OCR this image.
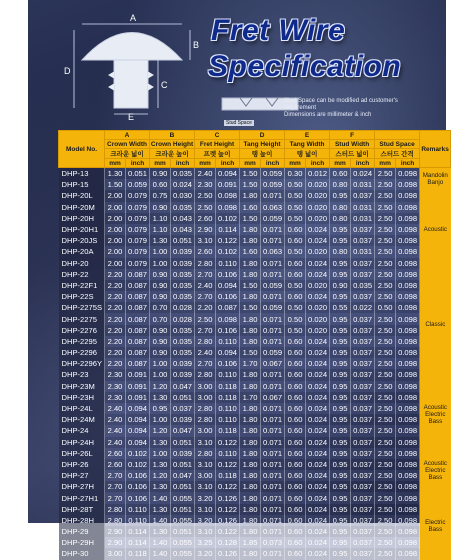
A
B
C
D
E
Fret Wire
Specification
Stud Space
Stud Space can be modified ad customer's
requirement
Dimensions are millimeter & inch
Model No.	A		B		C		D		E		F				Remarks
	Crown Width		Crown Height		Fret Height		Tang Height		Tang Width		Stud Width		Stud Space		
	크라운 넓이		크라운 높이		프렛 높이		탱 높이		탱 넓이		스터드 넓이		스터드 간격		
	mm	inch	mm	inch	mm	inch	mm	inch	mm	inch	mm	inch	mm	inch	
DHP-13	1.30	0.051	0.90	0.035	2.40	0.094	1.50	0.059	0.30	0.012	0.60	0.024	2.50	0.098	Mandolin Banjo
DHP-15	1.50	0.059	0.60	0.024	2.30	0.091	1.50	0.059	0.50	0.020	0.80	0.031	2.50	0.098	
DHP-20L	2.00	0.079	0.75	0.030	2.50	0.098	1.80	0.071	0.50	0.020	0.95	0.037	2.50	0.098	Acoustic
DHP-20M	2.00	0.079	0.90	0.035	2.50	0.098	1.60	0.063	0.50	0.020	0.80	0.031	2.50	0.098	
DHP-20H	2.00	0.079	1.10	0.043	2.60	0.102	1.50	0.059	0.50	0.020	0.80	0.031	2.50	0.098	
DHP-20H1	2.00	0.079	1.10	0.043	2.90	0.114	1.80	0.071	0.60	0.024	0.95	0.037	2.50	0.098	
DHP-20JS	2.00	0.079	1.30	0.051	3.10	0.122	1.80	0.071	0.60	0.024	0.95	0.037	2.50	0.098	
DHP-20A	2.00	0.079	1.00	0.039	2.60	0.102	1.60	0.063	0.50	0.020	0.80	0.031	2.50	0.098	
DHP-20	2.00	0.079	1.00	0.039	2.80	0.110	1.80	0.071	0.60	0.024	0.95	0.037	2.50	0.098	
DHP-22	2.20	0.087	0.90	0.035	2.70	0.106	1.80	0.071	0.60	0.024	0.95	0.037	2.50	0.098	Classic
DHP-22F1	2.20	0.087	0.90	0.035	2.40	0.094	1.50	0.059	0.50	0.020	0.90	0.035	2.50	0.098	
DHP-22S	2.20	0.087	0.90	0.035	2.70	0.106	1.80	0.071	0.60	0.024	0.95	0.037	2.50	0.098	
DHP-2275S	2.20	0.087	0.70	0.028	2.20	0.087	1.50	0.059	0.50	0.020	0.55	0.022	0.50	0.098	
DHP-2275	2.20	0.087	0.70	0.028	2.50	0.098	1.80	0.071	0.50	0.020	0.95	0.037	2.50	0.098	
DHP-2276	2.20	0.087	0.90	0.035	2.70	0.106	1.80	0.071	0.50	0.020	0.95	0.037	2.50	0.098	
DHP-2295	2.20	0.087	0.90	0.035	2.80	0.110	1.80	0.071	0.60	0.024	0.95	0.037	2.50	0.098	
DHP-2296	2.20	0.087	0.90	0.035	2.40	0.094	1.50	0.059	0.60	0.024	0.95	0.037	2.50	0.098	
DHP-2296Y	2.20	0.087	1.00	0.039	2.70	0.106	1.70	0.067	0.60	0.024	0.95	0.037	2.50	0.098	
DHP-23	2.30	0.091	1.00	0.039	2.80	0.110	1.80	0.071	0.60	0.024	0.95	0.037	2.50	0.098	
DHP-23M	2.30	0.091	1.20	0.047	3.00	0.118	1.80	0.071	0.60	0.024	0.95	0.037	2.50	0.098	Acoustic Electric Bass
DHP-23H	2.30	0.091	1.30	0.051	3.00	0.118	1.70	0.067	0.60	0.024	0.95	0.037	2.50	0.098	
DHP-24L	2.40	0.094	0.95	0.037	2.80	0.110	1.80	0.071	0.60	0.024	0.95	0.037	2.50	0.098	
DHP-24M	2.40	0.094	1.00	0.039	2.80	0.110	1.80	0.071	0.60	0.024	0.95	0.037	2.50	0.098	
DHP-24	2.40	0.094	1.20	0.047	3.00	0.118	1.80	0.071	0.60	0.024	0.95	0.037	2.50	0.098	
DHP-24H	2.40	0.094	1.30	0.051	3.10	0.122	1.80	0.071	0.60	0.024	0.95	0.037	2.50	0.098	
DHP-26L	2.60	0.102	1.00	0.039	2.80	0.110	1.80	0.071	0.60	0.024	0.95	0.037	2.50	0.098	Acoustic Electric Bass
DHP-26	2.60	0.102	1.30	0.051	3.10	0.122	1.80	0.071	0.60	0.024	0.95	0.037	2.50	0.098	
DHP-27	2.70	0.106	1.20	0.047	3.00	0.118	1.80	0.071	0.60	0.024	0.95	0.037	2.50	0.098	
DHP-27H	2.70	0.106	1.30	0.051	3.10	0.122	1.80	0.071	0.60	0.024	0.95	0.037	2.50	0.098	
DHP-27H1	2.70	0.106	1.40	0.055	3.20	0.126	1.80	0.071	0.60	0.024	0.95	0.037	2.50	0.098	Electric Bass
DHP-28T	2.80	0.110	1.30	0.051	3.10	0.122	1.80	0.071	0.60	0.024	0.95	0.037	2.50	0.098	
DHP-28H	2.80	0.110	1.40	0.055	3.20	0.126	1.80	0.071	0.60	0.024	0.95	0.037	2.50	0.098	
DHP-29	2.90	0.114	1.30	0.051	3.10	0.122	1.80	0.071	0.60	0.024	0.95	0.037	2.50	0.098	
DHP-29H	2.90	0.114	1.40	0.055	3.25	0.128	1.85	0.073	0.60	0.024	0.95	0.037	2.50	0.098	
DHP-30	3.00	0.118	1.40	0.055	3.20	0.126	1.80	0.071	0.60	0.024	0.95	0.037	2.50	0.098	
